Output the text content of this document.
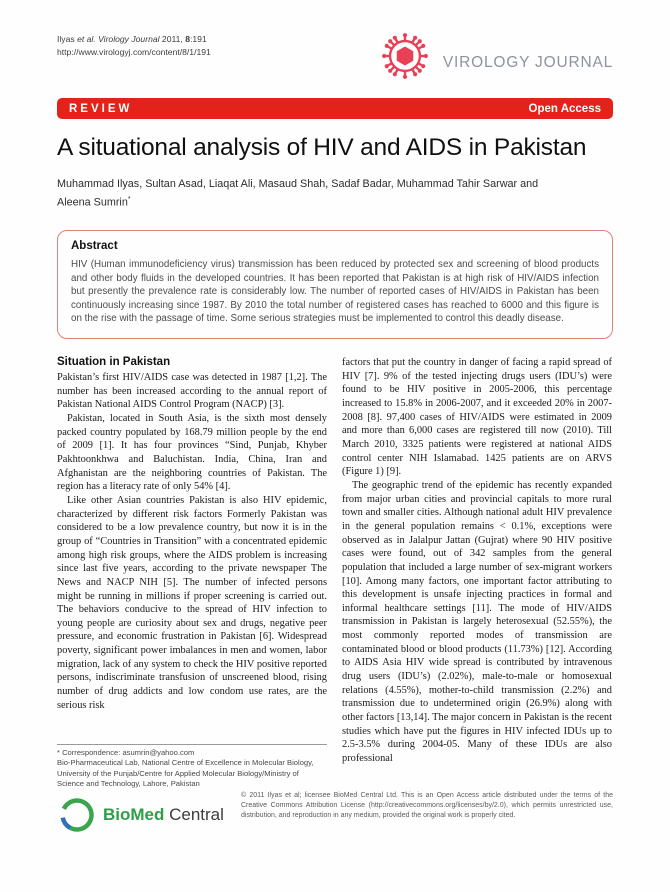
Ilyas et al. Virology Journal 2011, 8:191
http://www.virologyj.com/content/8/1/191
VIROLOGY JOURNAL
REVIEW	Open Access
A situational analysis of HIV and AIDS in Pakistan
Muhammad Ilyas, Sultan Asad, Liaqat Ali, Masaud Shah, Sadaf Badar, Muhammad Tahir Sarwar and
Aleena Sumrin*
Abstract

HIV (Human immunodeficiency virus) transmission has been reduced by protected sex and screening of blood products and other body fluids in the developed countries. It has been reported that Pakistan is at high risk of HIV/AIDS infection but presently the prevalence rate is considerably low. The number of reported cases of HIV/AIDS in Pakistan has been continuously increasing since 1987. By 2010 the total number of registered cases has reached to 6000 and this figure is on the rise with the passage of time. Some serious strategies must be implemented to control this deadly disease.

Situation in Pakistan

Pakistan’s first HIV/AIDS case was detected in 1987 [1,2]. The number has been increased according to the annual report of Pakistan National AIDS Control Program (NACP) [3].

Pakistan, located in South Asia, is the sixth most densely packed country populated by 168.79 million people by the end of 2009 [1]. It has four provinces “Sind, Punjab, Khyber Pakhtoonkhwa and Baluchistan. India, China, Iran and Afghanistan are the neighboring countries of Pakistan. The region has a literacy rate of only 54% [4].

Like other Asian countries Pakistan is also HIV epidemic, characterized by different risk factors Formerly Pakistan was considered to be a low prevalence country, but now it is in the group of “Countries in Transition” with a concentrated epidemic among high risk groups, where the AIDS problem is increasing since last five years, according to the private newspaper The News and NACP NIH [5]. The number of infected persons might be running in millions if proper screening is carried out. The behaviors conducive to the spread of HIV infection to young people are curiosity about sex and drugs, negative peer pressure, and economic frustration in Pakistan [6]. Widespread poverty, significant power imbalances in men and women, labor migration, lack of any system to check the HIV positive reported persons, indiscriminate transfusion of unscreened blood, rising number of drug addicts and low condom use rates, are the serious risk

* Correspondence: asumrin@yahoo.com
Bio-Pharmaceutical Lab, National Centre of Excellence in Molecular Biology, University of the Punjab/Centre for Applied Molecular Biology/Ministry of Science and Technology, Lahore, Pakistan

factors that put the country in danger of facing a rapid spread of HIV [7]. 9% of the tested injecting drugs users (IDU’s) were found to be HIV positive in 2005-2006, this percentage increased to 15.8% in 2006-2007, and it exceeded 20% in 2007-2008 [8]. 97,400 cases of HIV/AIDS were estimated in 2009 and more than 6,000 cases are registered till now (2010). Till March 2010, 3325 patients were registered at national AIDS control center NIH Islamabad. 1425 patients are on ARVS (Figure 1) [9].

The geographic trend of the epidemic has recently expanded from major urban cities and provincial capitals to more rural town and smaller cities. Although national adult HIV prevalence in the general population remains < 0.1%, exceptions were observed as in Jalalpur Jattan (Gujrat) where 90 HIV positive cases were found, out of 342 samples from the general population that included a large number of sex-migrant workers [10]. Among many factors, one important factor attributing to this development is unsafe injecting practices in formal and informal healthcare settings [11]. The mode of HIV/AIDS transmission in Pakistan is largely heterosexual (52.55%), the most commonly reported modes of transmission are contaminated blood or blood products (11.73%) [12]. According to AIDS Asia HIV wide spread is contributed by intravenous drug users (IDU’s) (2.02%), male-to-male or homosexual relations (4.55%), mother-to-child transmission (2.2%) and transmission due to undetermined origin (26.9%) along with other factors [13,14]. The major concern in Pakistan is the recent studies which have put the figures in HIV infected IDUs up to 2.5-3.5% during 2004-05. Many of these IDUs are also professional

BioMed Central
© 2011 Ilyas et al; licensee BioMed Central Ltd. This is an Open Access article distributed under the terms of the Creative Commons Attribution License (http://creativecommons.org/licenses/by/2.0), which permits unrestricted use, distribution, and reproduction in any medium, provided the original work is properly cited.
